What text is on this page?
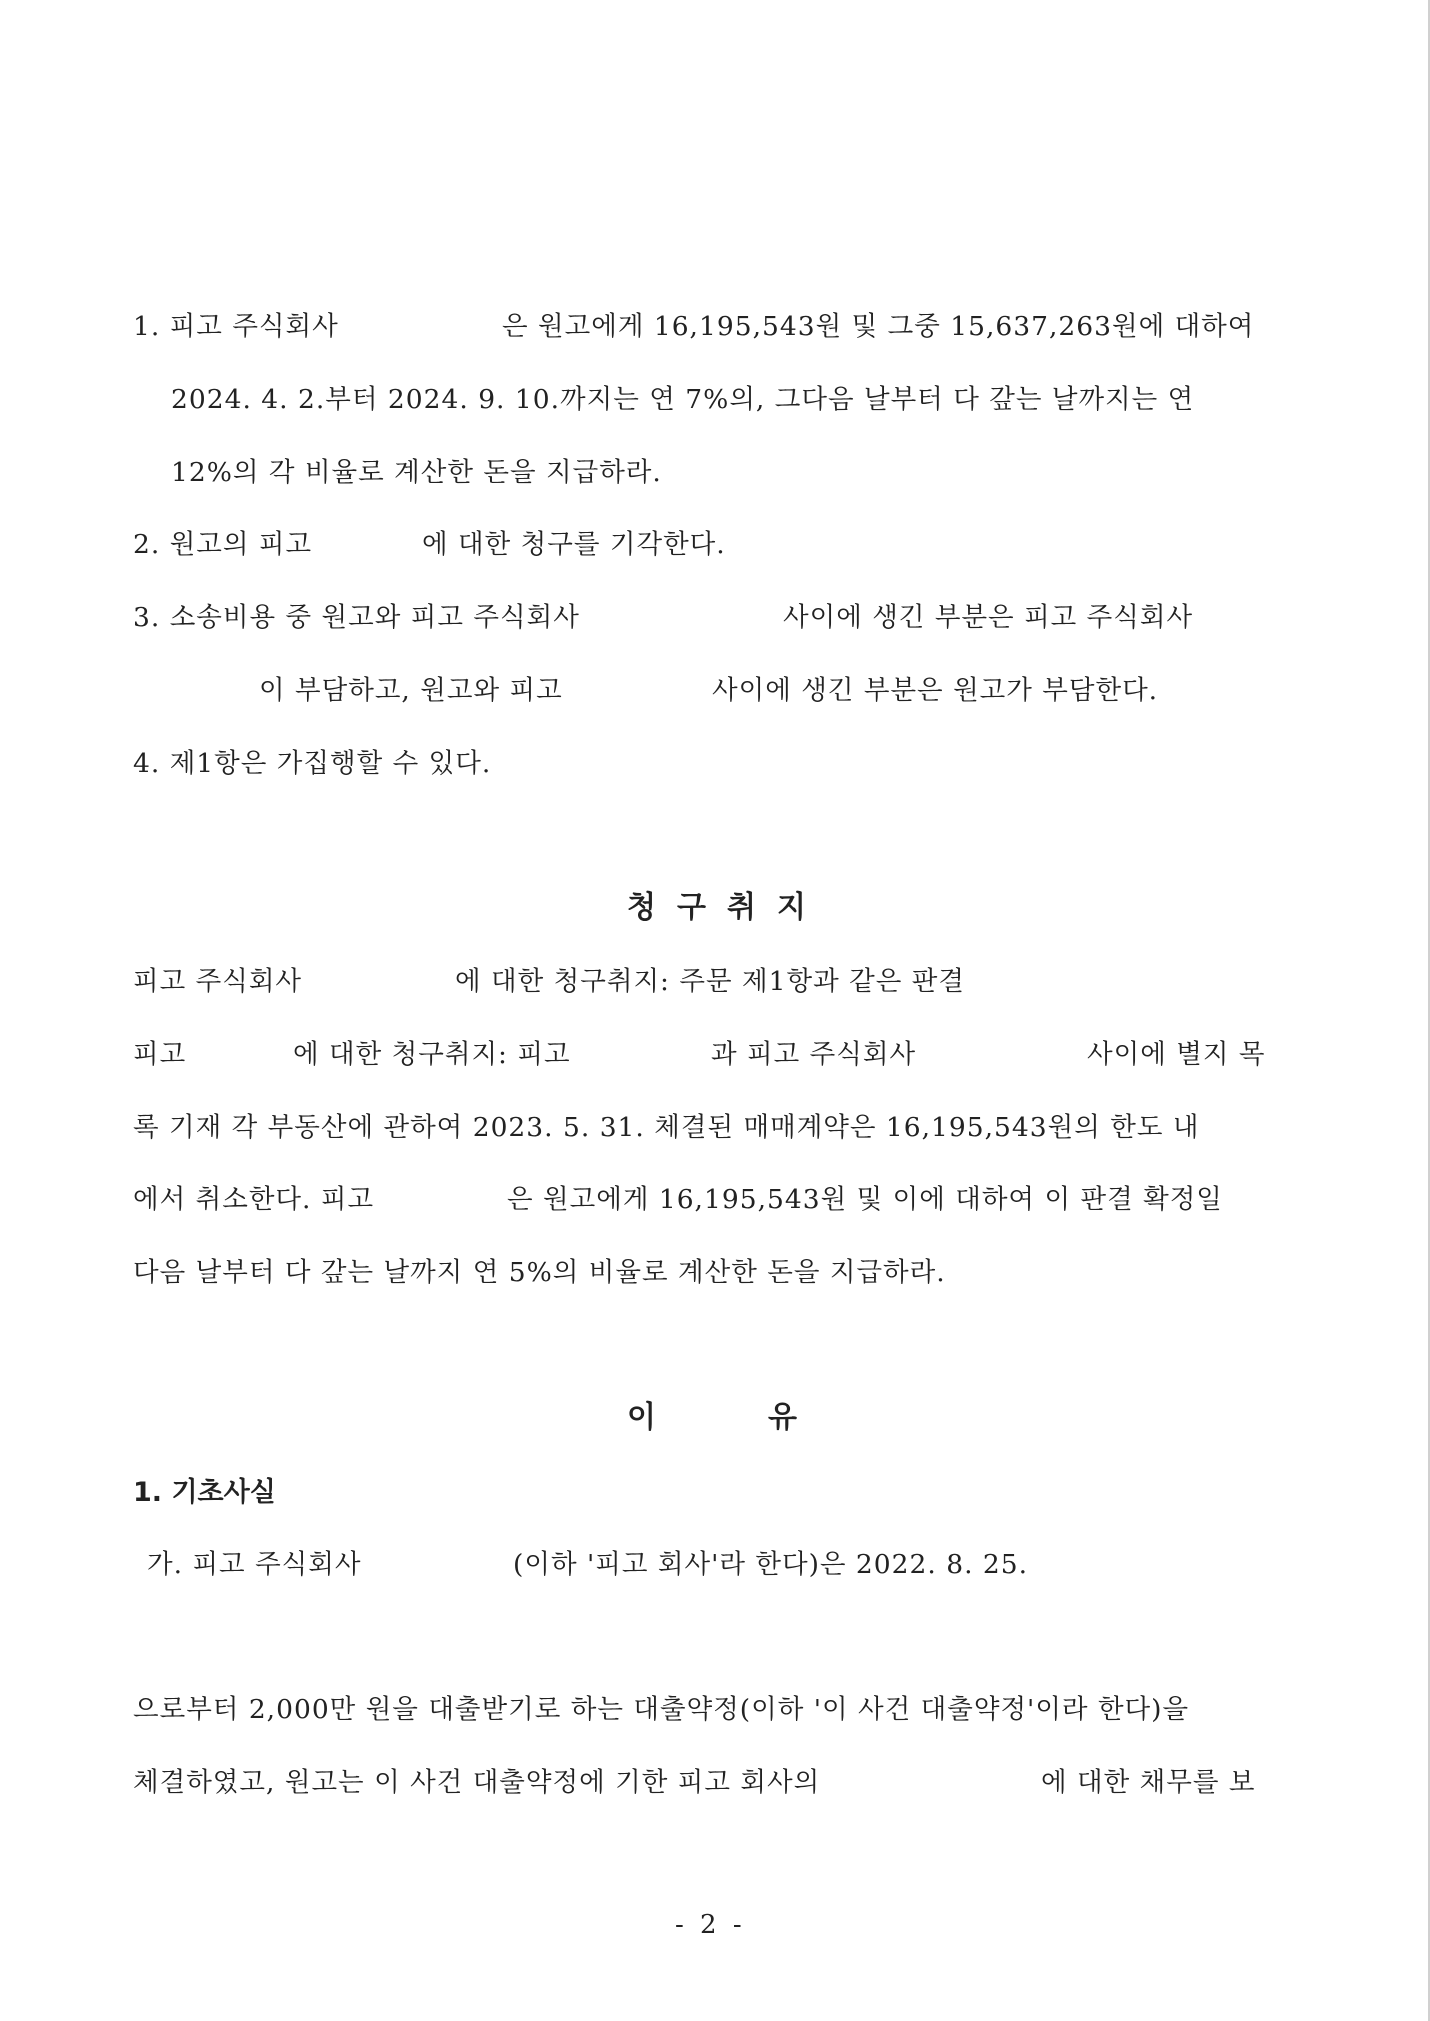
1. 피고 주식회사	은 원고에게 16,195,543원 및 그중 15,637,263원에 대하여
2024. 4. 2.부터 2024. 9. 10.까지는 연 7%의, 그다음 날부터 다 갚는 날까지는 연
12%의 각 비율로 계산한 돈을 지급하라.
2. 원고의 피고	에 대한 청구를 기각한다.
3. 소송비용 중 원고와 피고 주식회사	사이에 생긴 부분은 피고 주식회사
이 부담하고, 원고와 피고	사이에 생긴 부분은 원고가 부담한다.
4. 제1항은 가집행할 수 있다.
청 구 취 지
피고 주식회사	에 대한 청구취지: 주문 제1항과 같은 판결
피고	에 대한 청구취지: 피고	과 피고 주식회사	사이에 별지 목
록 기재 각 부동산에 관하여 2023. 5. 31. 체결된 매매계약은 16,195,543원의 한도 내
에서 취소한다. 피고	은 원고에게 16,195,543원 및 이에 대하여 이 판결 확정일
다음 날부터 다 갚는 날까지 연 5%의 비율로 계산한 돈을 지급하라.
이	유
1. 기초사실
가. 피고 주식회사	(이하 '피고 회사'라 한다)은 2022. 8. 25.
으로부터 2,000만 원을 대출받기로 하는 대출약정(이하 '이 사건 대출약정'이라 한다)을
체결하였고, 원고는 이 사건 대출약정에 기한 피고 회사의	에 대한 채무를 보
- 2 -
